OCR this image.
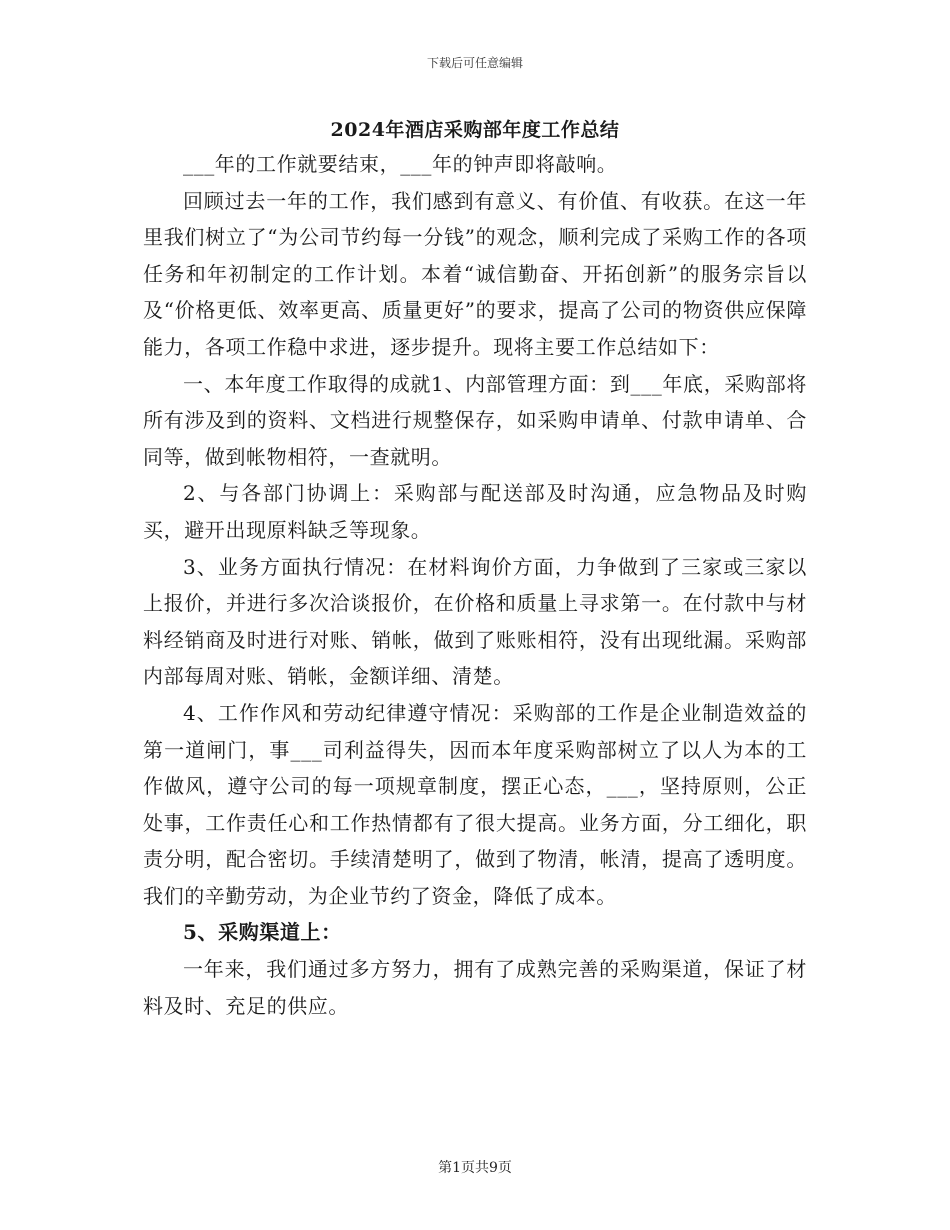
下载后可任意编辑
2024年酒店采购部年度工作总结

___年的工作就要结束，___年的钟声即将敲响。

回顾过去一年的工作，我们感到有意义、有价值、有收获。在这一年里我们树立了“为公司节约每一分钱”的观念，顺利完成了采购工作的各项任务和年初制定的工作计划。本着“诚信勤奋、开拓创新”的服务宗旨以及“价格更低、效率更高、质量更好”的要求，提高了公司的物资供应保障能力，各项工作稳中求进，逐步提升。现将主要工作总结如下：

一、本年度工作取得的成就1、内部管理方面：到___年底，采购部将所有涉及到的资料、文档进行规整保存，如采购申请单、付款申请单、合同等，做到帐物相符，一查就明。

2、与各部门协调上：采购部与配送部及时沟通，应急物品及时购买，避开出现原料缺乏等现象。

3、业务方面执行情况：在材料询价方面，力争做到了三家或三家以上报价，并进行多次洽谈报价，在价格和质量上寻求第一。在付款中与材料经销商及时进行对账、销帐，做到了账账相符，没有出现纰漏。采购部内部每周对账、销帐，金额详细、清楚。

4、工作作风和劳动纪律遵守情况：采购部的工作是企业制造效益的第一道闸门，事___司利益得失，因而本年度采购部树立了以人为本的工作做风，遵守公司的每一项规章制度，摆正心态，___，坚持原则，公正处事，工作责任心和工作热情都有了很大提高。业务方面，分工细化，职责分明，配合密切。手续清楚明了，做到了物清，帐清，提高了透明度。我们的辛勤劳动，为企业节约了资金，降低了成本。

5、采购渠道上：

一年来，我们通过多方努力，拥有了成熟完善的采购渠道，保证了材料及时、充足的供应。

第1页共9页
